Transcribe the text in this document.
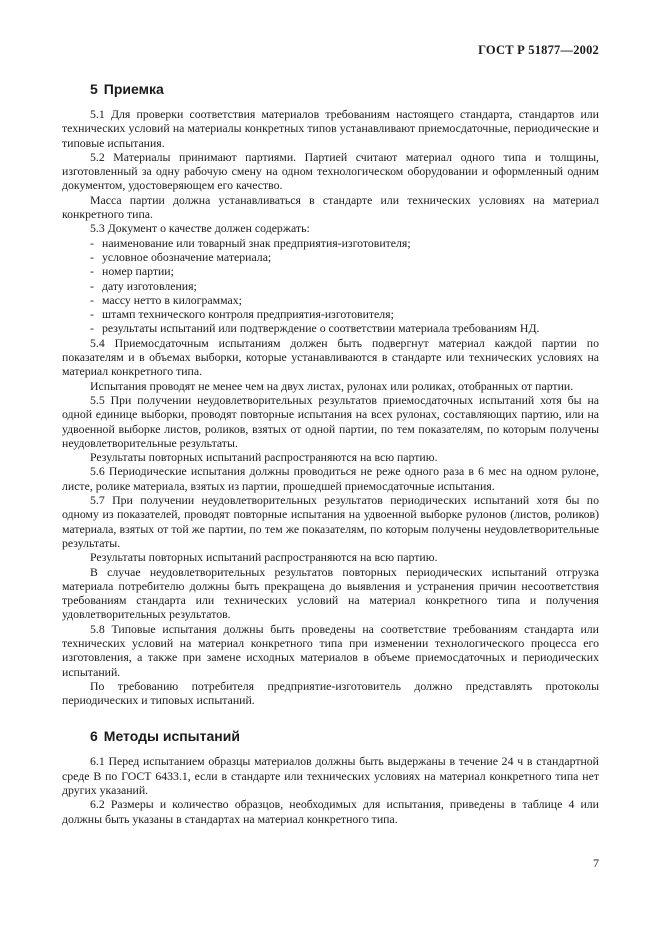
ГОСТ Р 51877—2002
5 Приемка

5.1 Для проверки соответствия материалов требованиям настоящего стандарта, стандартов или технических условий на материалы конкретных типов устанавливают приемосдаточные, периодические и типовые испытания.

5.2 Материалы принимают партиями. Партией считают материал одного типа и толщины, изготовленный за одну рабочую смену на одном технологическом оборудовании и оформленный одним документом, удостоверяющем его качество.

Масса партии должна устанавливаться в стандарте или технических условиях на материал конкретного типа.

5.3 Документ о качестве должен содержать:

- наименование или товарный знак предприятия-изготовителя;
- условное обозначение материала;
- номер партии;
- дату изготовления;
- массу нетто в килограммах;
- штамп технического контроля предприятия-изготовителя;
- результаты испытаний или подтверждение о соответствии материала требованиям НД.

5.4 Приемосдаточным испытаниям должен быть подвергнут материал каждой партии по показателям и в объемах выборки, которые устанавливаются в стандарте или технических условиях на материал конкретного типа.

Испытания проводят не менее чем на двух листах, рулонах или роликах, отобранных от партии.

5.5 При получении неудовлетворительных результатов приемосдаточных испытаний хотя бы на одной единице выборки, проводят повторные испытания на всех рулонах, составляющих партию, или на удвоенной выборке листов, роликов, взятых от одной партии, по тем показателям, по которым получены неудовлетворительные результаты.

Результаты повторных испытаний распространяются на всю партию.

5.6 Периодические испытания должны проводиться не реже одного раза в 6 мес на одном рулоне, листе, ролике материала, взятых из партии, прошедшей приемосдаточные испытания.

5.7 При получении неудовлетворительных результатов периодических испытаний хотя бы по одному из показателей, проводят повторные испытания на удвоенной выборке рулонов (листов, роликов) материала, взятых от той же партии, по тем же показателям, по которым получены неудовлетворительные результаты.

Результаты повторных испытаний распространяются на всю партию.

В случае неудовлетворительных результатов повторных периодических испытаний отгрузка материала потребителю должны быть прекращена до выявления и устранения причин несоответствия требованиям стандарта или технических условий на материал конкретного типа и получения удовлетворительных результатов.

5.8 Типовые испытания должны быть проведены на соответствие требованиям стандарта или технических условий на материал конкретного типа при изменении технологического процесса его изготовления, а также при замене исходных материалов в объеме приемосдаточных и периодических испытаний.

По требованию потребителя предприятие-изготовитель должно представлять протоколы периодических и типовых испытаний.

6 Методы испытаний

6.1 Перед испытанием образцы материалов должны быть выдержаны в течение 24 ч в стандартной среде В по ГОСТ 6433.1, если в стандарте или технических условиях на материал конкретного типа нет других указаний.

6.2 Размеры и количество образцов, необходимых для испытания, приведены в таблице 4 или должны быть указаны в стандартах на материал конкретного типа.

7
